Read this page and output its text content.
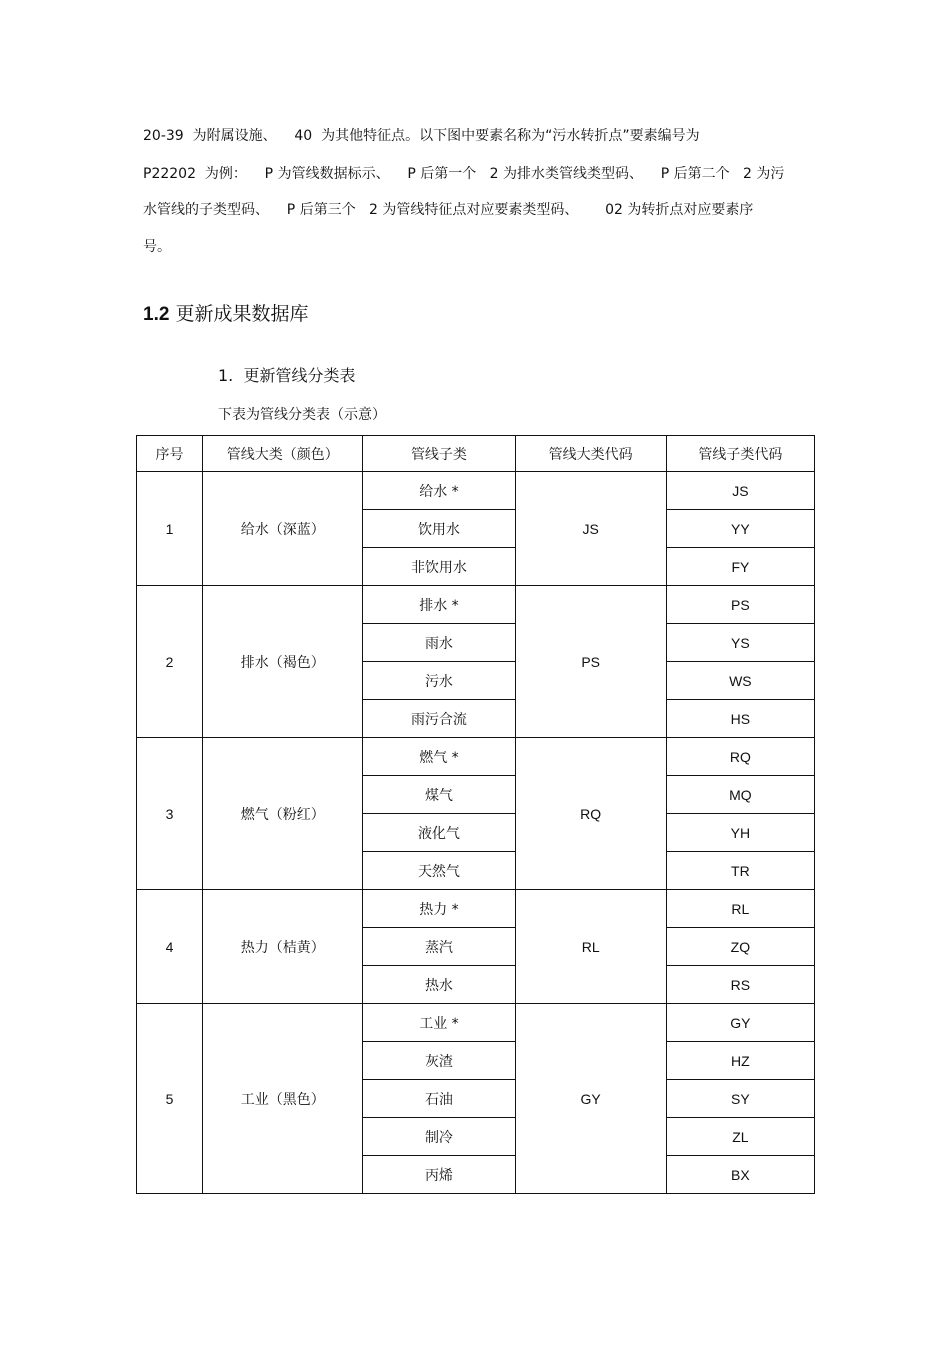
20-39  为附属设施、    40  为其他特征点。以下图中要素名称为“污水转折点”要素编号为
P22202  为例：    P 为管线数据标示、    P 后第一个   2 为排水类管线类型码、    P 后第二个   2 为污
水管线的子类型码、    P 后第三个   2 为管线特征点对应要素类型码、      02 为转折点对应要素序
号。
1.2 更新成果数据库
1.  更新管线分类表
下表为管线分类表（示意）
序号	管线大类（颜色）	管线子类	管线大类代码	管线子类代码
1	给水（深蓝）	给水 *	JS	JS
		饮用水		YY
		非饮用水		FY
2	排水（褐色）	排水 *	PS	PS
		雨水		YS
		污水		WS
		雨污合流		HS
3	燃气（粉红）	燃气 *	RQ	RQ
		煤气		MQ
		液化气		YH
		天然气		TR
4	热力（桔黄）	热力 *	RL	RL
		蒸汽		ZQ
		热水		RS
5	工业（黑色）	工业 *	GY	GY
		灰渣		HZ
		石油		SY
		制冷		ZL
		丙烯		BX
